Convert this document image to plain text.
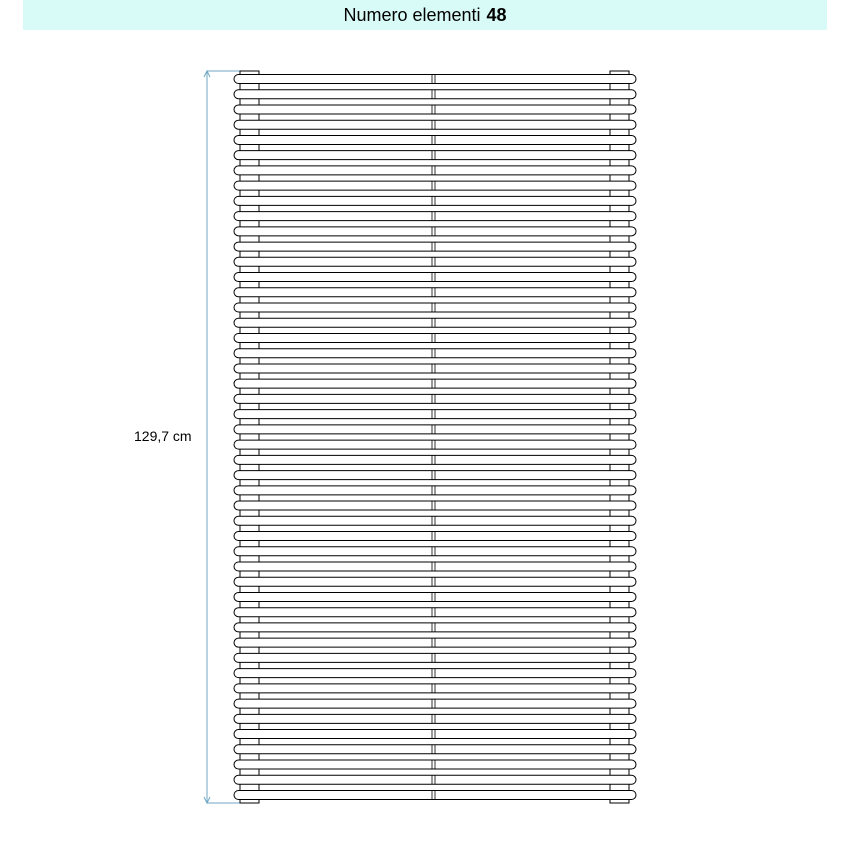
Numero elementi 48
129,7 cm
